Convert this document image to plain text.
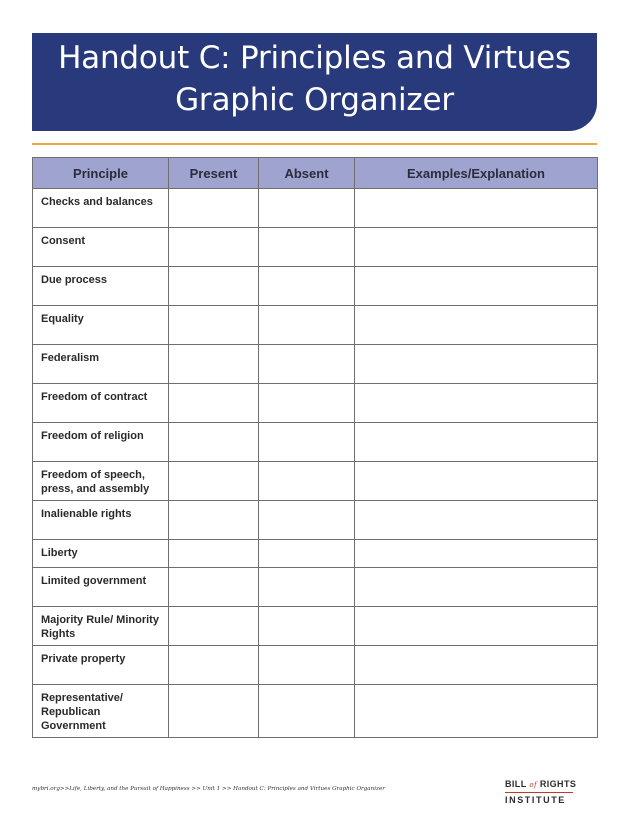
Handout C: Principles and Virtues
Graphic Organizer
Principle	Present	Absent	Examples/Explanation
Checks and balances			
Consent			
Due process			
Equality			
Federalism			
Freedom of contract			
Freedom of religion			
Freedom of speech, press, and assembly			
Inalienable rights			
Liberty			
Limited government			
Majority Rule/ Minority Rights			
Private property			
Representative/ Republican Government			
mybri.org>>Life, Liberty, and the Pursuit of Happiness >> Unit 1 >> Handout C: Principles and Virtues Graphic Organizer	BILL of RIGHTS
INSTITUTE
